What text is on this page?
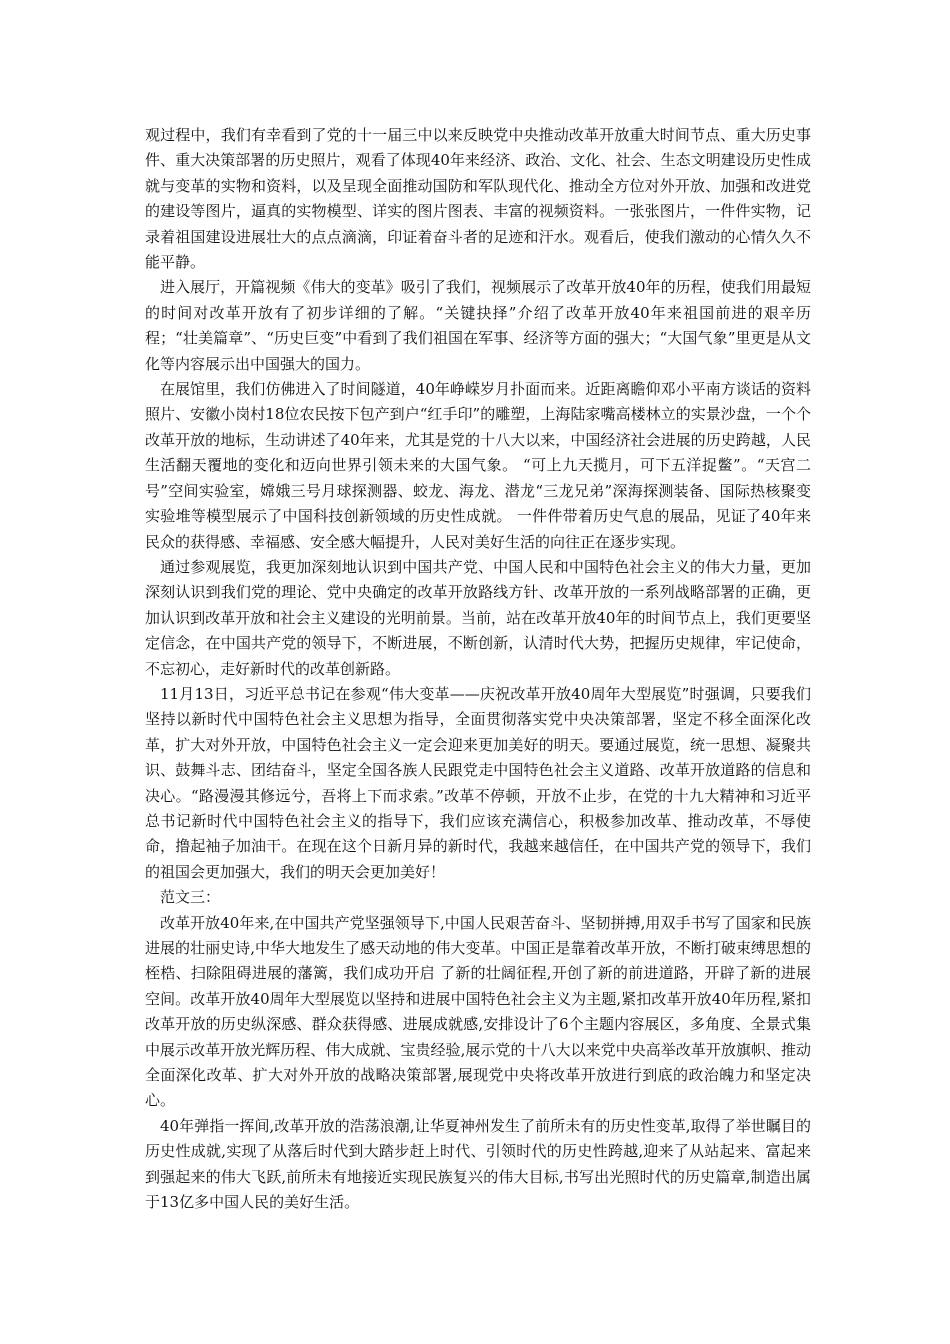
观过程中，我们有幸看到了党的十一届三中以来反映党中央推动改革开放重大时间节点、重大历史事件、重大决策部署的历史照片，观看了体现40年来经济、政治、文化、社会、生态文明建设历史性成就与变革的实物和资料，以及呈现全面推动国防和军队现代化、推动全方位对外开放、加强和改进党的建设等图片，逼真的实物模型、详实的图片图表、丰富的视频资料。一张张图片，一件件实物，记录着祖国建设进展壮大的点点滴滴，印证着奋斗者的足迹和汗水。观看后，使我们激动的心情久久不能平静。

进入展厅，开篇视频《伟大的变革》吸引了我们，视频展示了改革开放40年的历程，使我们用最短的时间对改革开放有了初步详细的了解。“关键抉择”介绍了改革开放40年来祖国前进的艰辛历程；“壮美篇章”、“历史巨变”中看到了我们祖国在军事、经济等方面的强大；“大国气象”里更是从文化等内容展示出中国强大的国力。

在展馆里，我们仿佛进入了时间隧道，40年峥嵘岁月扑面而来。近距离瞻仰邓小平南方谈话的资料照片、安徽小岗村18位农民按下包产到户“红手印”的雕塑，上海陆家嘴高楼林立的实景沙盘，一个个改革开放的地标，生动讲述了40年来，尤其是党的十八大以来，中国经济社会进展的历史跨越，人民生活翻天覆地的变化和迈向世界引领未来的大国气象。 “可上九天揽月，可下五洋捉鳖”。“天宫二号”空间实验室，嫦娥三号月球探测器、蛟龙、海龙、潜龙“三龙兄弟”深海探测装备、国际热核聚变实验堆等模型展示了中国科技创新领域的历史性成就。 一件件带着历史气息的展品，见证了40年来民众的获得感、幸福感、安全感大幅提升，人民对美好生活的向往正在逐步实现。

通过参观展览，我更加深刻地认识到中国共产党、中国人民和中国特色社会主义的伟大力量，更加深刻认识到我们党的理论、党中央确定的改革开放路线方针、改革开放的一系列战略部署的正确，更加认识到改革开放和社会主义建设的光明前景。当前，站在改革开放40年的时间节点上，我们更要坚定信念，在中国共产党的领导下，不断进展，不断创新，认清时代大势，把握历史规律，牢记使命，不忘初心，走好新时代的改革创新路。

11月13日，习近平总书记在参观“伟大变革——庆祝改革开放40周年大型展览”时强调，只要我们坚持以新时代中国特色社会主义思想为指导，全面贯彻落实党中央决策部署，坚定不移全面深化改革，扩大对外开放，中国特色社会主义一定会迎来更加美好的明天。要通过展览，统一思想、凝聚共识、鼓舞斗志、团结奋斗，坚定全国各族人民跟党走中国特色社会主义道路、改革开放道路的信息和决心。“路漫漫其修远兮，吾将上下而求索。”改革不停顿，开放不止步，在党的十九大精神和习近平总书记新时代中国特色社会主义的指导下，我们应该充满信心，积极参加改革、推动改革，不辱使命，撸起袖子加油干。在现在这个日新月异的新时代，我越来越信任，在中国共产党的领导下，我们的祖国会更加强大，我们的明天会更加美好！

范文三：

改革开放40年来,在中国共产党坚强领导下,中国人民艰苦奋斗、坚韧拼搏,用双手书写了国家和民族进展的壮丽史诗,中华大地发生了感天动地的伟大变革。中国正是靠着改革开放，不断打破束缚思想的桎梏、扫除阻碍进展的藩篱，我们成功开启 了新的壮阔征程,开创了新的前进道路，开辟了新的进展空间。改革开放40周年大型展览以坚持和进展中国特色社会主义为主题,紧扣改革开放40年历程,紧扣改革开放的历史纵深感、群众获得感、进展成就感,安排设计了6个主题内容展区，多角度、全景式集中展示改革开放光辉历程、伟大成就、宝贵经验,展示党的十八大以来党中央高举改革开放旗帜、推动全面深化改革、扩大对外开放的战略决策部署,展现党中央将改革开放进行到底的政治魄力和坚定决心。

40年弹指一挥间,改革开放的浩荡浪潮,让华夏神州发生了前所未有的历史性变革,取得了举世瞩目的历史性成就,实现了从落后时代到大踏步赶上时代、引领时代的历史性跨越,迎来了从站起来、富起来到强起来的伟大飞跃,前所未有地接近实现民族复兴的伟大目标,书写出光照时代的历史篇章,制造出属于13亿多中国人民的美好生活。
